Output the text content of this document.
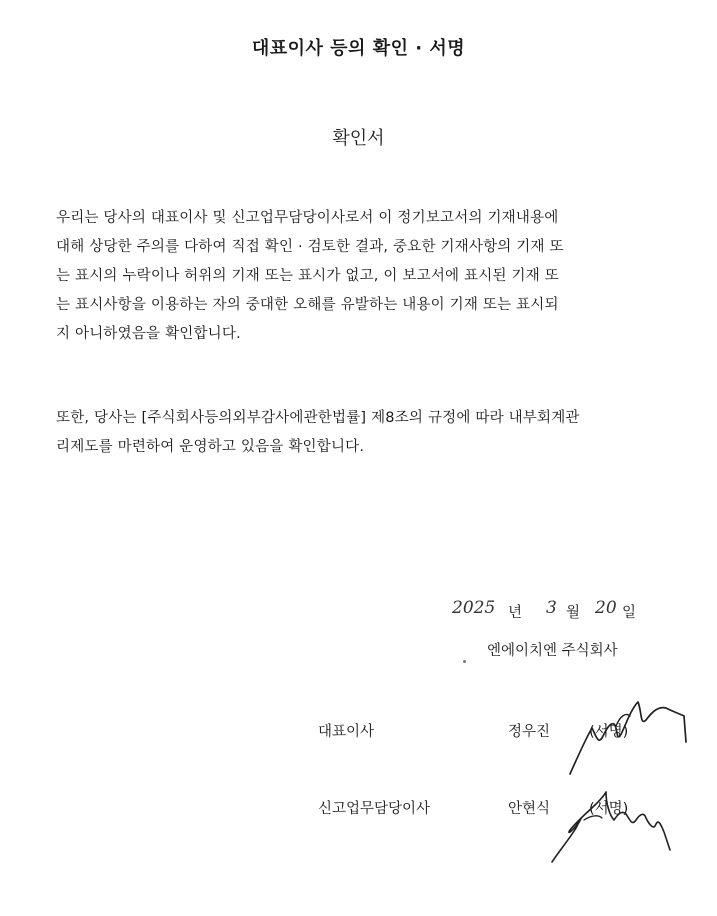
대표이사 등의 확인 · 서명
확인서
우리는 당사의 대표이사 및 신고업무담당이사로서 이 정기보고서의 기재내용에
대해 상당한 주의를 다하여 직접 확인 · 검토한 결과, 중요한 기재사항의 기재 또
는 표시의 누락이나 허위의 기재 또는 표시가 없고, 이 보고서에 표시된 기재 또
는 표시사항을 이용하는 자의 중대한 오해를 유발하는 내용이 기재 또는 표시되
지 아니하였음을 확인합니다.
또한, 당사는 [주식회사등의외부감사에관한법률] 제8조의 규정에 따라 내부회계관
리제도를 마련하여 운영하고 있음을 확인합니다.
2025 년 3 월 20 일
엔에이치엔 주식회사
대표이사	정우진	(서명)
신고업무담당이사	안현식	(서명)
